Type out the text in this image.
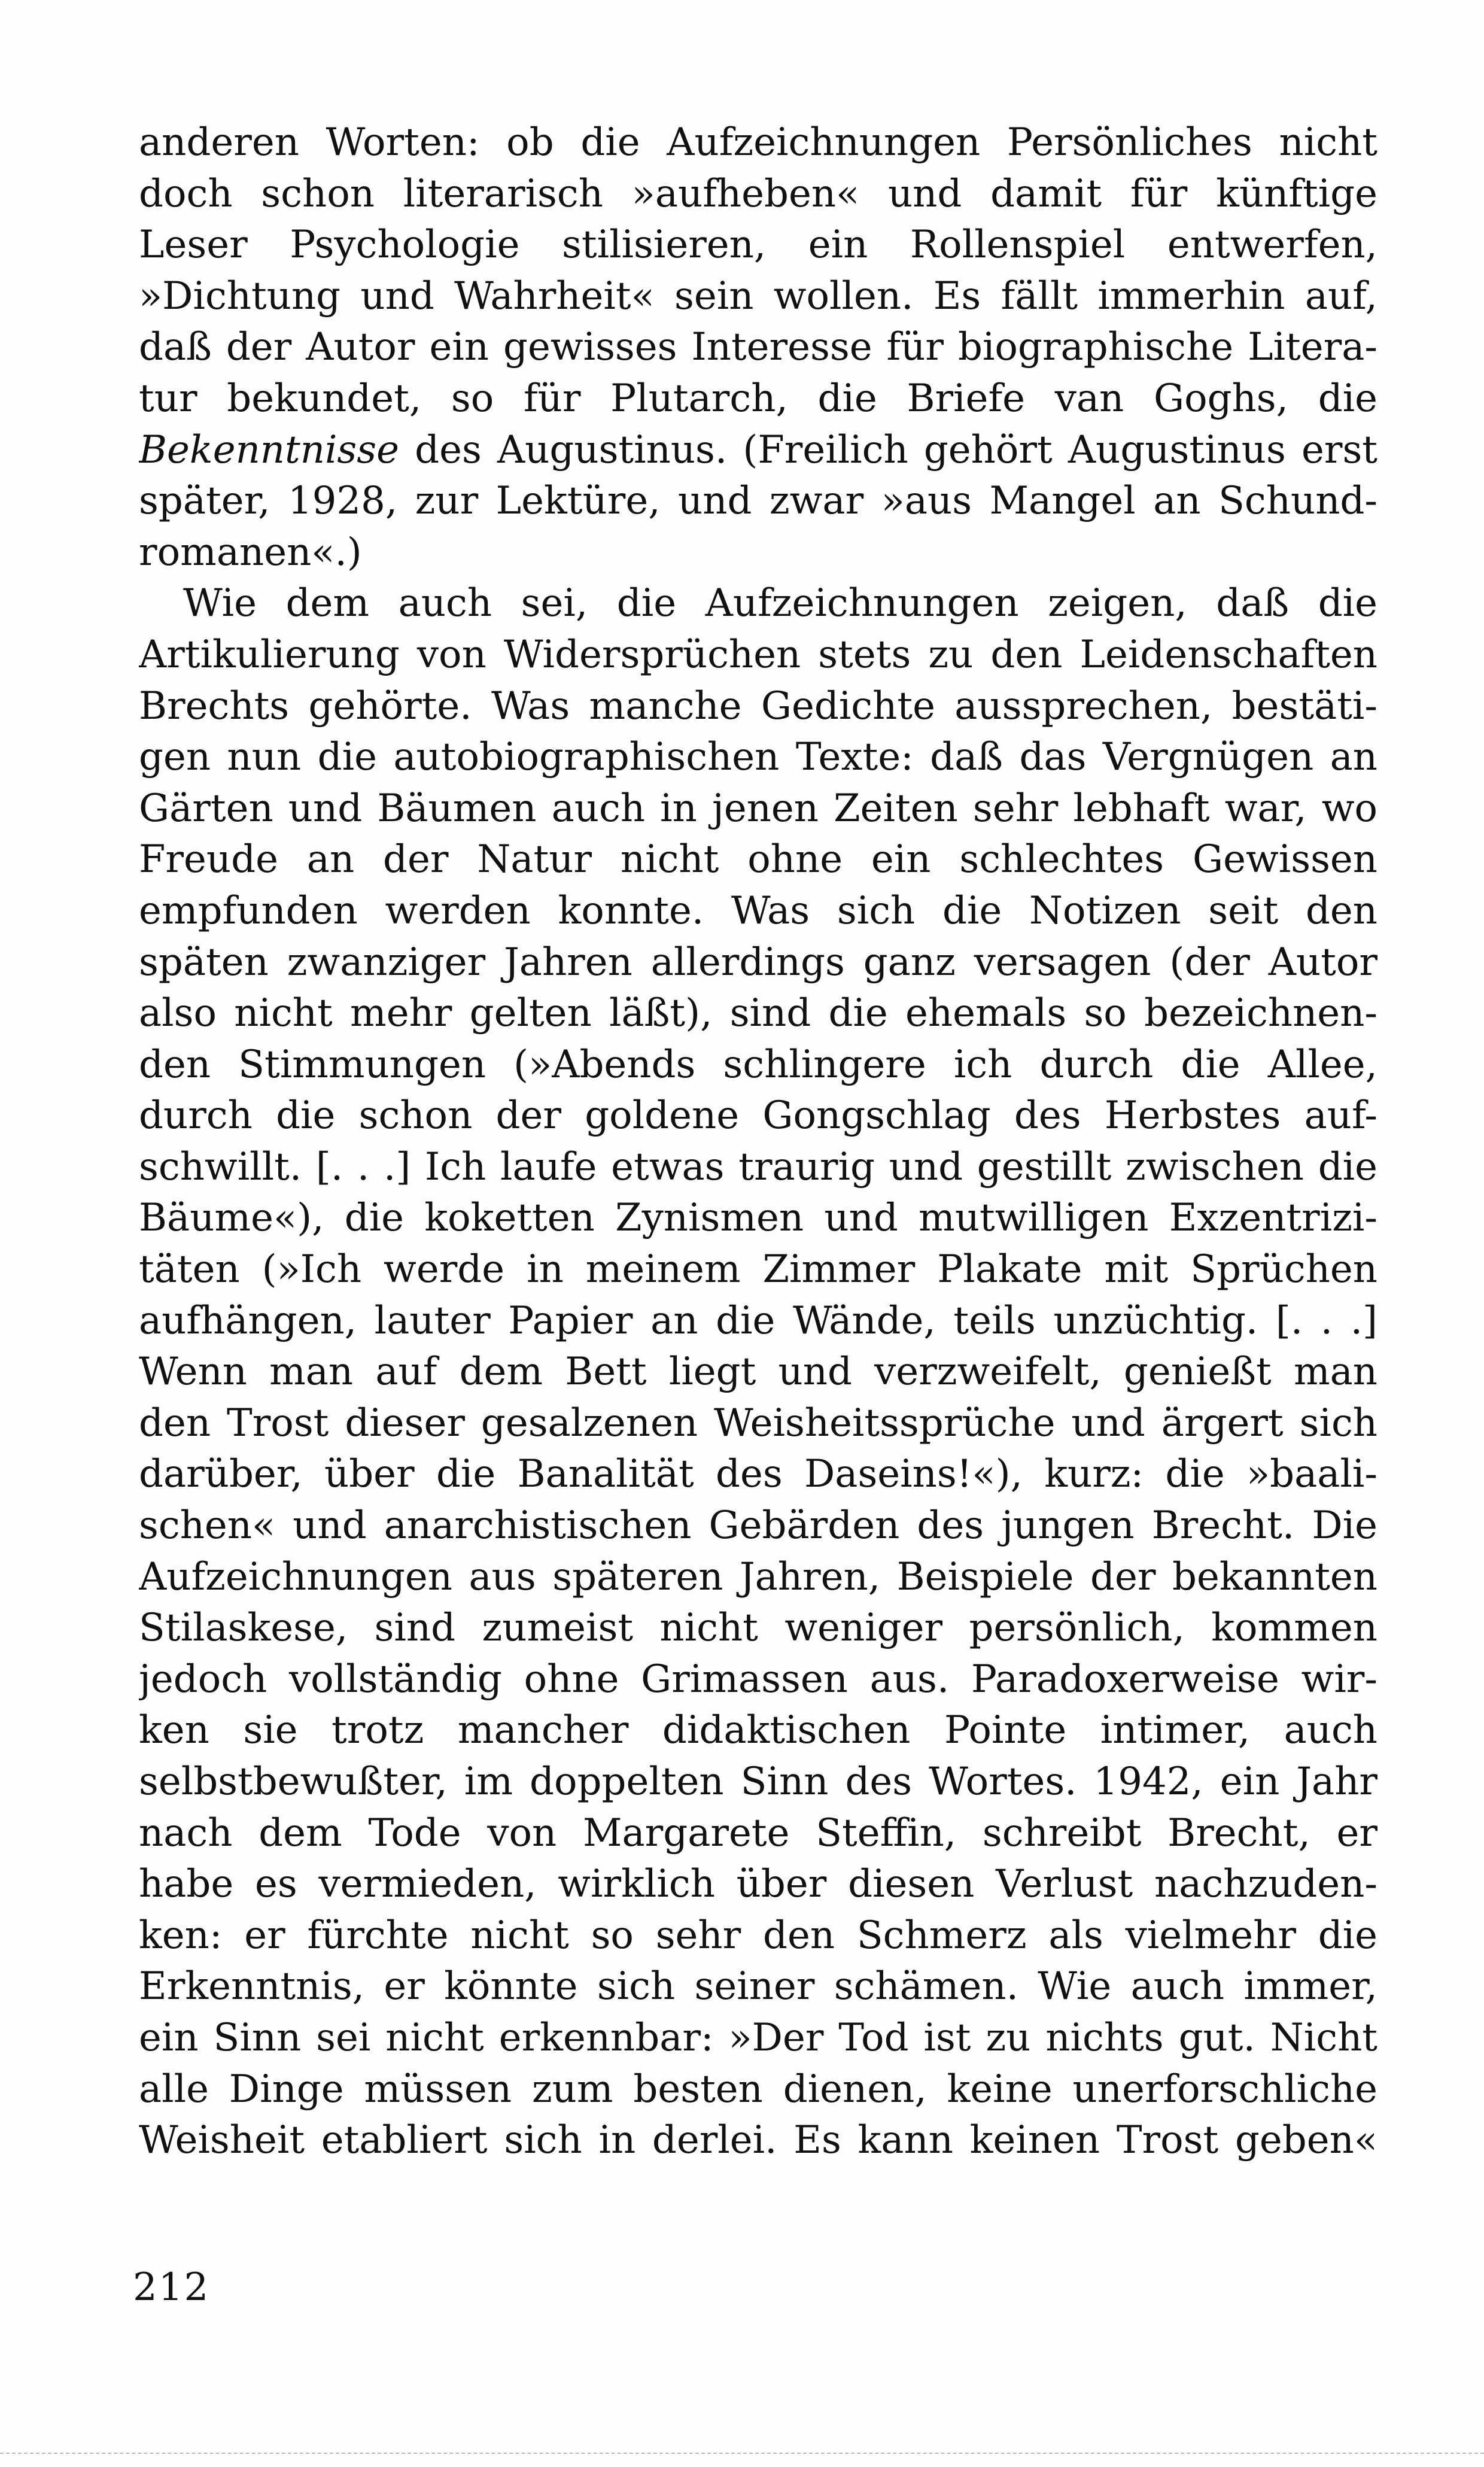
anderen Worten: ob die Aufzeichnungen Persönliches nicht
doch schon literarisch »aufheben« und damit für künftige
Leser Psychologie stilisieren, ein Rollenspiel entwerfen,
»Dichtung und Wahrheit« sein wollen. Es fällt immerhin auf,
daß der Autor ein gewisses Interesse für biographische Litera-
tur bekundet, so für Plutarch, die Briefe van Goghs, die
Bekenntnisse des Augustinus. (Freilich gehört Augustinus erst
später, 1928, zur Lektüre, und zwar »aus Mangel an Schund-
romanen«.)
Wie dem auch sei, die Aufzeichnungen zeigen, daß die
Artikulierung von Widersprüchen stets zu den Leidenschaften
Brechts gehörte. Was manche Gedichte aussprechen, bestäti-
gen nun die autobiographischen Texte: daß das Vergnügen an
Gärten und Bäumen auch in jenen Zeiten sehr lebhaft war, wo
Freude an der Natur nicht ohne ein schlechtes Gewissen
empfunden werden konnte. Was sich die Notizen seit den
späten zwanziger Jahren allerdings ganz versagen (der Autor
also nicht mehr gelten läßt), sind die ehemals so bezeichnen-
den Stimmungen (»Abends schlingere ich durch die Allee,
durch die schon der goldene Gongschlag des Herbstes auf-
schwillt. [. . .] Ich laufe etwas traurig und gestillt zwischen die
Bäume«), die koketten Zynismen und mutwilligen Exzentrizi-
täten (»Ich werde in meinem Zimmer Plakate mit Sprüchen
aufhängen, lauter Papier an die Wände, teils unzüchtig. [. . .]
Wenn man auf dem Bett liegt und verzweifelt, genießt man
den Trost dieser gesalzenen Weisheitssprüche und ärgert sich
darüber, über die Banalität des Daseins!«), kurz: die »baali-
schen« und anarchistischen Gebärden des jungen Brecht. Die
Aufzeichnungen aus späteren Jahren, Beispiele der bekannten
Stilaskese, sind zumeist nicht weniger persönlich, kommen
jedoch vollständig ohne Grimassen aus. Paradoxerweise wir-
ken sie trotz mancher didaktischen Pointe intimer, auch
selbstbewußter, im doppelten Sinn des Wortes. 1942, ein Jahr
nach dem Tode von Margarete Steffin, schreibt Brecht, er
habe es vermieden, wirklich über diesen Verlust nachzuden-
ken: er fürchte nicht so sehr den Schmerz als vielmehr die
Erkenntnis, er könnte sich seiner schämen. Wie auch immer,
ein Sinn sei nicht erkennbar: »Der Tod ist zu nichts gut. Nicht
alle Dinge müssen zum besten dienen, keine unerforschliche
Weisheit etabliert sich in derlei. Es kann keinen Trost geben«
212
